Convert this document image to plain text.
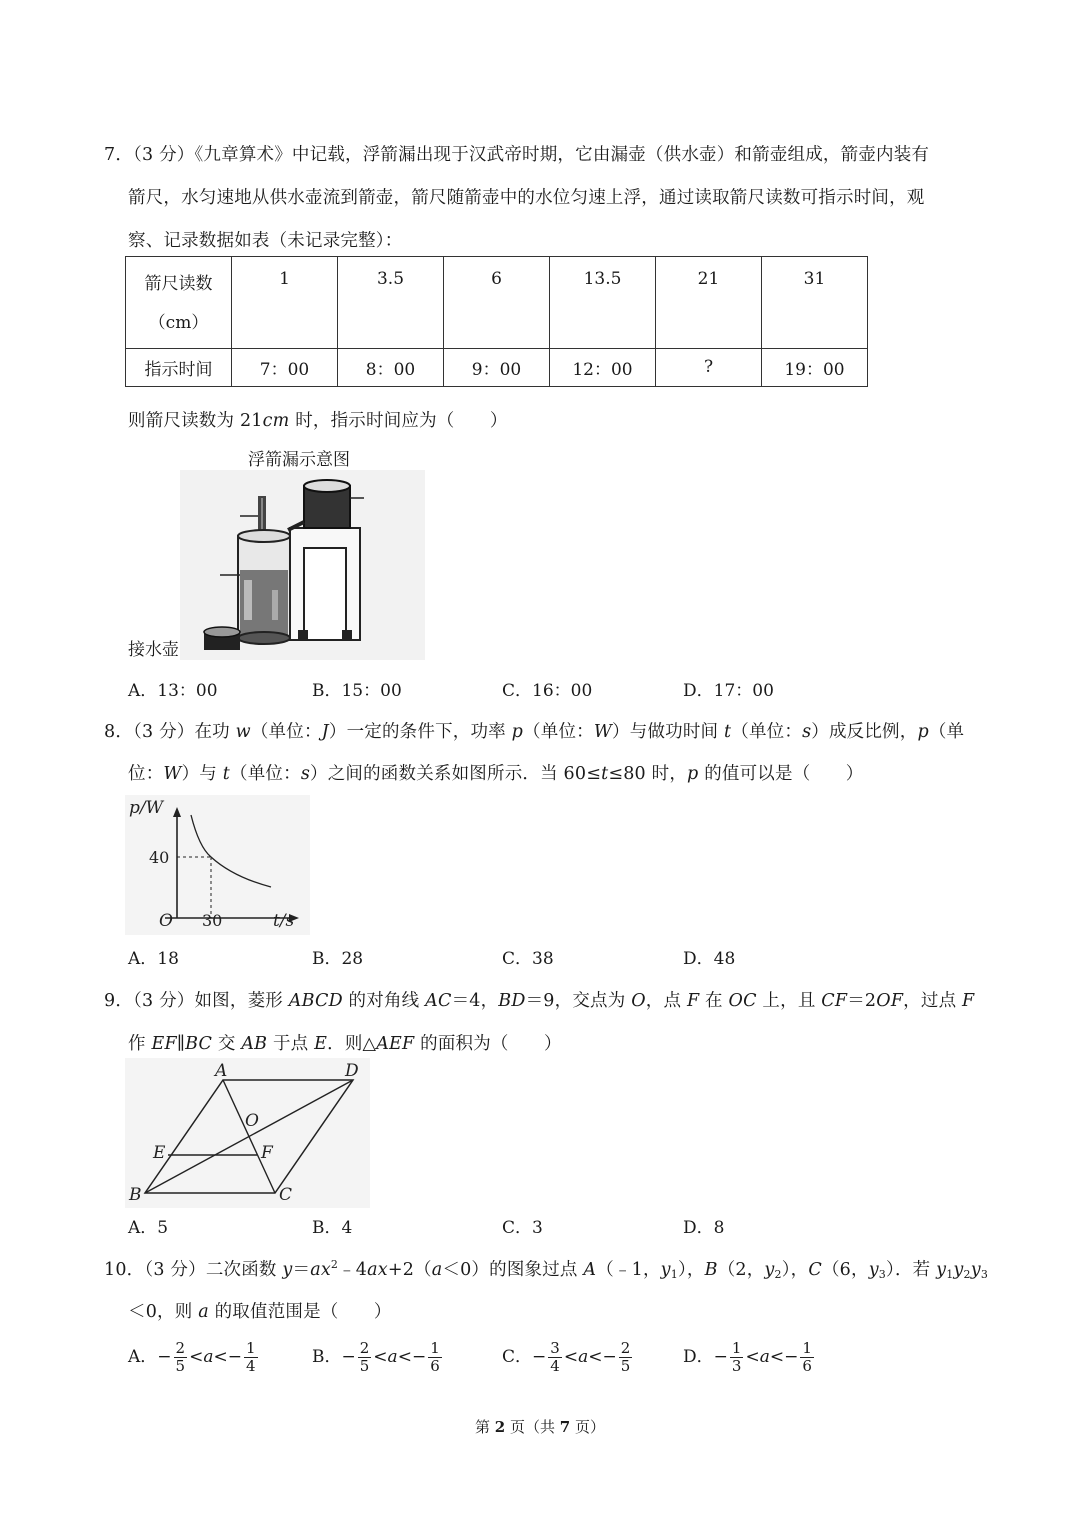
7．（3 分）《九章算术》中记载，浮箭漏出现于汉武帝时期，它由漏壶（供水壶）和箭壶组成，箭壶内装有
箭尺，水匀速地从供水壶流到箭壶，箭尺随箭壶中的水位匀速上浮，通过读取箭尺读数可指示时间，观
察、记录数据如表（未记录完整）：
箭尺读数
（cm）	1	3.5	6	13.5	21	31
指示时间	7：00	8：00	9：00	12：00	?	19：00
则箭尺读数为 21cm 时，指示时间应为（　　）
浮箭漏示意图
接水壶
A．13：00	B．15：00	C．16：00	D．17：00
8．（3 分）在功 w（单位：J）一定的条件下，功率 p（单位：W）与做功时间 t（单位：s）成反比例，p（单
位：W）与 t（单位：s）之间的函数关系如图所示．当 60≤t≤80 时，p 的值可以是（　　）
p/W
40
O 30	t/s
A．18	B．28	C．38	D．48
9．（3 分）如图，菱形 ABCD 的对角线 AC＝4，BD＝9，交点为 O，点 F 在 OC 上，且 CF＝2OF，过点 F
作 EF∥BC 交 AB 于点 E．则△AEF 的面积为（　　）
A	D
B	C
E	F
O
A．5	B．4	C．3	D．8
10．（3 分）二次函数 $y=ax^2﹣4ax+2(a<0)$的图象过点 A（﹣1，$y_1$），B（2，$y_2$），C（6，$y_3$）．若 $y_1y_2y_3$
＜0，则 a 的取值范围是（　　）
A．− $\frac{2}{5} <a<- \frac{1}{4}$	B．− $\frac{2}{5} <a<- \frac{1}{6}$	C．− $\frac{3}{4} <a<- \frac{2}{5}$	D．− $\frac{1}{3} <a<- \frac{1}{6}$
第 2 页（共 7 页）
